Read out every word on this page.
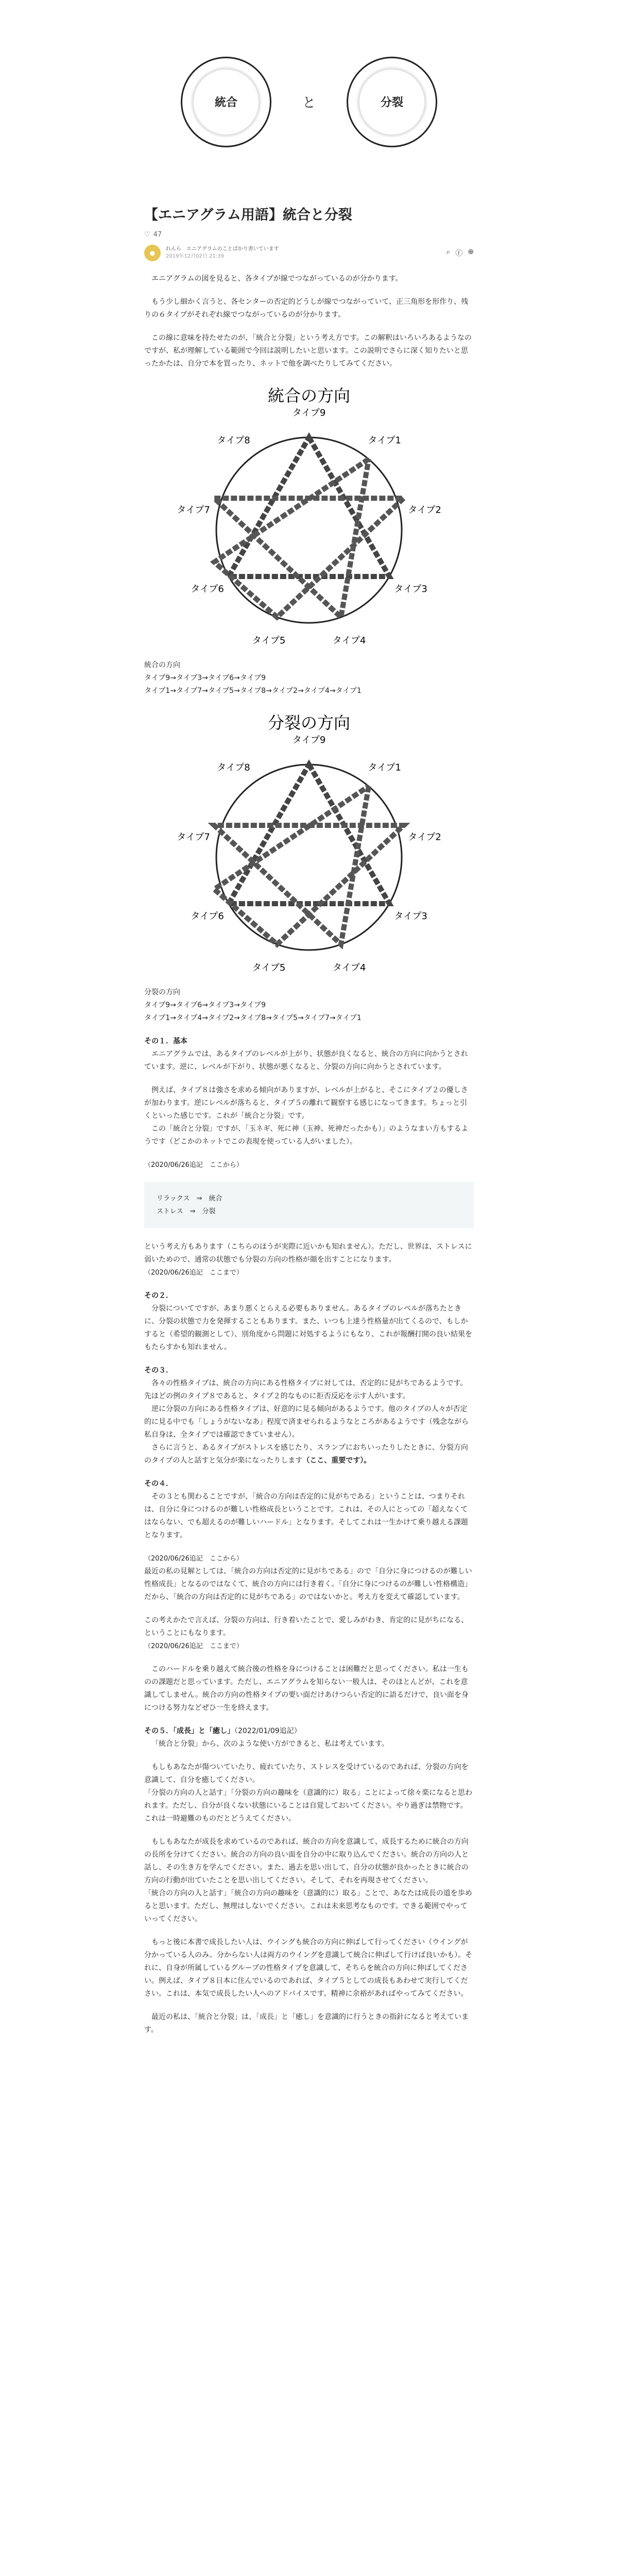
統合	と	分裂
【エニアグラム用語】統合と分裂
♡ 47
●
れんら　エニアグラムのことばかり書いています
2019年12月02日 21:39
⌕ ⓕ ⊕

エニアグラムの図を見ると、各タイプが線でつながっているのが分かります。

もう少し細かく言うと、各センターの否定的どうしが線でつながっていて、正三角形を形作り、残りの６タイプがそれぞれ線でつながっているのが分かります。

この線に意味を持たせたのが、「統合と分裂」という考え方です。この解釈はいろいろあるようなのですが、私が理解している範囲で今回は説明したいと思います。この説明でさらに深く知りたいと思ったかたは、自分で本を買ったり、ネットで他を調べたりしてみてください。

統合の方向
タイプ9
タイプ1
タイプ2
タイプ3
タイプ4
タイプ5
タイプ6
タイプ7
タイプ8

統合の方向

タイプ9→タイプ3→タイプ6→タイプ9

タイプ1→タイプ7→タイプ5→タイプ8→タイプ2→タイプ4→タイプ1

分裂の方向
タイプ9
タイプ1
タイプ2
タイプ3
タイプ4
タイプ5
タイプ6
タイプ7
タイプ8

分裂の方向

タイプ9→タイプ6→タイプ3→タイプ9

タイプ1→タイプ4→タイプ2→タイプ8→タイプ5→タイプ7→タイプ1

その１．基本

エニアグラムでは、あるタイプのレベルが上がり、状態が良くなると、統合の方向に向かうとされています。逆に、レベルが下がり、状態が悪くなると、分裂の方向に向かうとされています。

例えば、タイプ８は強さを求める傾向がありますが、レベルが上がると、そこにタイプ２の優しさが加わります。逆にレベルが落ちると、タイプ５の離れて観察する感じになってきます。ちょっと引くといった感じです。これが「統合と分裂」です。

この「統合と分裂」ですが、「玉ネギ、死に神（玉神、死神だったかも）」のようなまい方もするようです（どこかのネットでこの表現を使っている人がいました）。

（2020/06/26追記　ここから）

リラックス　⇒　統合
ストレス　⇒　分裂

という考え方もあります（こちらのほうが実際に近いかも知れません）。ただし、世界は、ストレスに弱いためので、通常の状態でも分裂の方向の性格が顔を出すことになります。

（2020/06/26追記　ここまで）

その２．

分裂についてですが、あまり悪くとらえる必要もありません。あるタイプのレベルが落ちたときに、分裂の状態で力を発揮することもあります。また、いつも上達う性格量が出てくるので、もしかすると（希望的観測として）、別角度から問題に対処するようにもなり、これが報酬打開の良い結果をもたらすかも知れません。

その３．

各々の性格タイプは、統合の方向にある性格タイプに対しては、否定的に見がちであるようです。先ほどの例のタイプ８であると、タイプ２的なものに拒否反応を示す人がいます。

逆に分裂の方向にある性格タイプは、好意的に見る傾向があるようです。他のタイプの人々が否定的に見る中でも「しょうがないなあ」程度で済ませられるようなところがあるようです（残念ながら私自身は、全タイプでは確認できていません）。

さらに言うと、あるタイプがストレスを感じたり、スランプにおちいったりしたときに、分裂方向のタイプの人と話すと気分が楽になったりします（ここ、重要です）。

その４．

その３とも関わることですが、「統合の方向は否定的に見がちである」ということは、つまりそれは、自分に身につけるのが難しい性格成長ということです。これは、その人にとっての「超えなくてはならない、でも超えるのが難しいハードル」となります。そしてこれは一生かけて乗り越える課題となります。

（2020/06/26追記　ここから）

最近の私の見解としては、「統合の方向は否定的に見がちである」ので「自分に身につけるのが難しい性格成長」となるのではなくて、統合の方向には行き着く。「自分に身につけるのが難しい性格構造」だから、「統合の方向は否定的に見がちである」のではないかと。考え方を変えて確認しています。

この考えかたで言えば、分裂の方向は、行き着いたことで、愛しみがわき、肯定的に見がちになる、ということにもなります。

（2020/06/26追記　ここまで）

このハードルを乗り越えて統合後の性格を身につけることは困難だと思ってください。私は一生ものの課題だと思っています。ただし、エニアグラムを知らない一般人は、そのほとんどが、これを意識してしません。統合の方向の性格タイプの要い面だけあけつらい否定的に語るだけで、良い面を身につける努力などぜひ一生を終えます。

その５．「成長」と「癒し」（2022/01/09追記）

「統合と分裂」から、次のような使い方ができると、私は考えています。

もしもあなたが傷ついていたり、疲れていたり、ストレスを受けているのであれば、分裂の方向を意識して、自分を癒してください。

「分裂の方向の人と話す」「分裂の方向の趣味を（意識的に）取る」ことによって徐々楽になると思われます。ただし、自分が良くない状態にいることは自覚しておいてください。やり過ぎは禁物です。これは一時避難のものだとどうえてください。

もしもあなたが成長を求めているのであれば、統合の方向を意識して、成長するために統合の方向の長所を分けてください。統合の方向の良い面を自分の中に取り込んでください。統合の方向の人と話し、その生き方を学んでください。また、過去を思い出して、自分の状態が良かったときに統合の方向の行動が出ていたことを思い出してください。そして、それを再現させてください。

「統合の方向の人と話す」「統合の方向の趣味を（意識的に）取る」ことで、あなたは成長の道を歩めると思います。ただし、無理はしないでください。これは未来思考なものです。できる範囲でやっていってください。

もっと後に本書で成長したい人は、ウイングも統合の方向に伸ばして行ってください（ウイングが分かっている人のみ。分からない人は両方のウイングを意識して統合に伸ばして行けば良いかも）。それに、自身が所属しているグループの性格タイプを意識して、そちらを統合の方向に伸ばしてください。例えば、タイプ８日本に住んでいるのであれば、タイプ５としての成長もあわせて実行してください。これは、本気で成長したい人へのアドバイスです。精神に余裕があればやってみてください。

最近の私は、「統合と分裂」は、「成長」と「癒し」を意識的に行うときの指針になると考えています。
